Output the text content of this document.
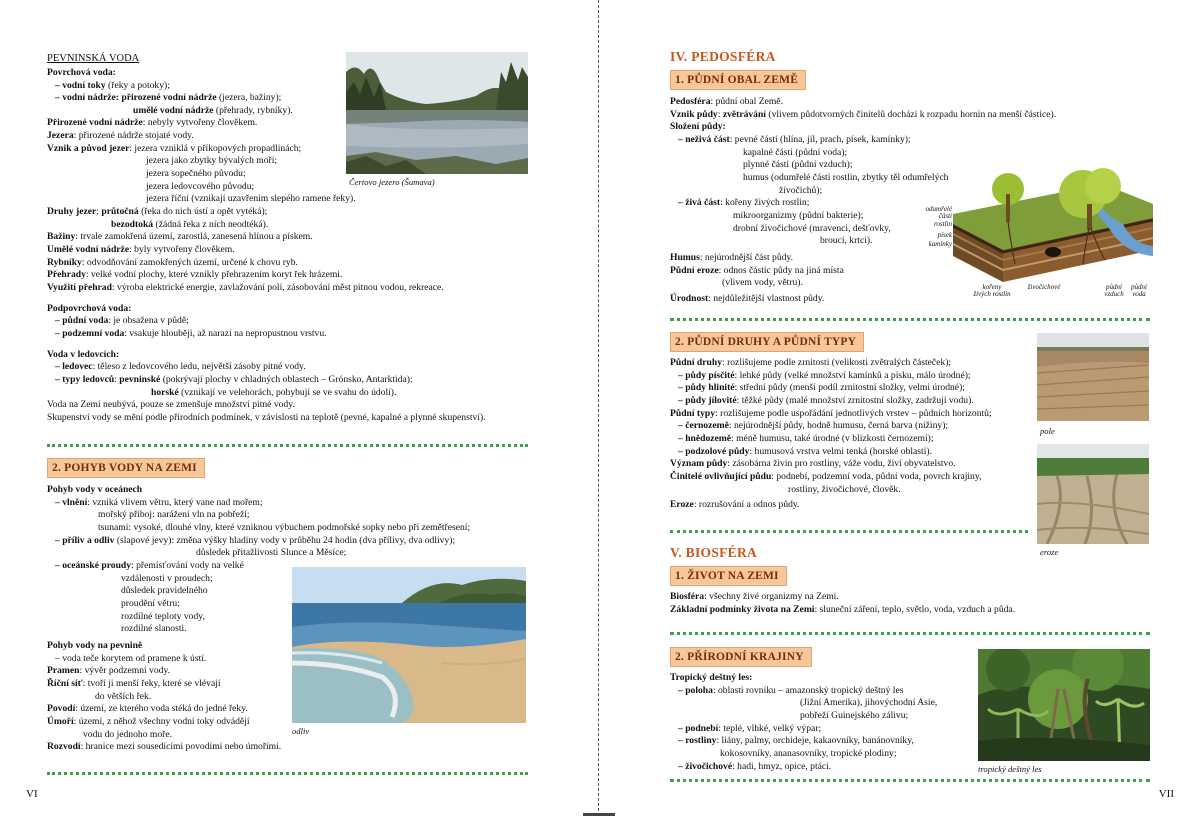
PEVNINSKÁ VODA
Povrchová voda:
– vodní toky (řeky a potoky);
– vodní nádrže: přirozené vodní nádrže (jezera, bažiny);
umělé vodní nádrže (přehrady, rybníky).
Přirozené vodní nádrže: nebyly vytvořeny člověkem.
Jezera: přirozené nádrže stojaté vody.
Vznik a původ jezer: jezera vzniklá v příkopových propadlinách;
jezera jako zbytky bývalých moří;
jezera sopečného původu;
jezera ledovcového původu;
jezera říční (vznikají uzavřením slepého ramene řeky).
Druhy jezer: průtočná (řeka do nich ústí a opět vytéká);
bezodtoká (žádná řeka z nich neodtéká).
Bažiny: trvale zamokřená území, zarostlá, zanesená hlínou a pískem.
Umělé vodní nádrže: byly vytvořeny člověkem.
Rybníky: odvodňování zamokřených území, určené k chovu ryb.
Přehrady: velké vodní plochy, které vznikly přehrazením koryt řek hrázemi.
Využití přehrad: výroba elektrické energie, zavlažování polí, zásobování měst pitnou vodou, rekreace.
Podpovrchová voda:
– půdní voda: je obsažena v půdě;
– podzemní voda: vsakuje hlouběji, až narazí na nepropustnou vrstvu.
Voda v ledovcích:
– ledovec: těleso z ledovcového ledu, největší zásoby pitné vody.
– typy ledovců: pevninské (pokrývají plochy v chladných oblastech – Grónsko, Antarktida);
horské (vznikají ve velehorách, pohybují se ve svahu do údolí).
Voda na Zemi neubývá, pouze se zmenšuje množství pitné vody.
Skupenství vody se mění podle přírodních podmínek, v závislosti na teplotě (pevné, kapalné a plynné skupenství).
Čertovo jezero (Šumava)
2. POHYB VODY NA ZEMI
Pohyb vody v oceánech
– vlnění: vzniká vlivem větru, který vane nad mořem;
mořský příboj: narážení vln na pobřeží;
tsunami: vysoké, dlouhé vlny, které vzniknou výbuchem podmořské sopky nebo při zemětřesení;
– příliv a odliv (slapové jevy): změna výšky hladiny vody v průběhu 24 hodin (dva přílivy, dva odlivy);
důsledek přitažlivosti Slunce a Měsíce;
– oceánské proudy: přemísťování vody na velké
vzdálenosti v proudech;
důsledek pravidelného
proudění větru;
rozdílné teploty vody,
rozdílné slanosti.
Pohyb vody na pevnině
– voda teče korytem od pramene k ústí.
Pramen: vývěr podzemní vody.
Říční síť: tvoří ji menší řeky, které se vlévají
do větších řek.
Povodí: území, ze kterého voda stéká do jedné řeky.
Úmoří: území, z něhož všechny vodní toky odvádějí
vodu do jednoho moře.
Rozvodí: hranice mezi sousedícími povodími nebo úmořími.
odliv
VI
IV. PEDOSFÉRA
1. PŮDNÍ OBAL ZEMĚ
Pedosféra: půdní obal Země.
Vznik půdy: zvětrávání (vlivem půdotvorných činitelů dochází k rozpadu hornin na menší částice).
Složení půdy:
– neživá část: pevné části (hlína, jíl, prach, písek, kamínky);
kapalné části (půdní voda);
plynné části (půdní vzduch);
humus (odumřelé části rostlin, zbytky těl odumřelých
živočichů);
– živá část: kořeny živých rostlin;
mikroorganizmy (půdní bakterie);
drobní živočichové (mravenci, dešťovky,
brouci, krtci).
Humus: nejúrodnější část půdy.
Půdní eroze: odnos částic půdy na jiná místa
(vlivem vody, větru).
Úrodnost: nejdůležitější vlastnost půdy.
odumřelé
části
rostlin
písek
kamínky
kořeny
živých rostlin
živočichové	půdní
vzduch
půdní
voda
2. PŮDNÍ DRUHY A PŮDNÍ TYPY
Půdní druhy: rozlišujeme podle zrnitosti (velikosti zvětralých částeček);
– půdy písčité: lehké půdy (velké množství kamínků a písku, málo úrodné);
– půdy hlinité: střední půdy (menší podíl zrnitostní složky, velmi úrodné);
– půdy jílovité: těžké půdy (malé množství zrnitostní složky, zadržují vodu).
Půdní typy: rozlišujeme podle uspořádání jednotlivých vrstev – půdních horizontů;
– černozemě: nejúrodnější půdy, hodně humusu, černá barva (nížiny);
– hnědozemě: méně humusu, také úrodné (v blízkosti černozemí);
– podzolové půdy: humusová vrstva velmi tenká (horské oblasti).
Význam půdy: zásobárna živin pro rostliny, váže vodu, živí obyvatelstvo.
Činitelé ovlivňující půdu: podnebí, podzemní voda, půdní voda, povrch krajiny,
rostliny, živočichové, člověk.
Eroze: rozrušování a odnos půdy.
pole
eroze
V. BIOSFÉRA
1. ŽIVOT NA ZEMI
Biosféra: všechny živé organizmy na Zemi.
Základní podmínky života na Zemi: sluneční záření, teplo, světlo, voda, vzduch a půda.
2. PŘÍRODNÍ KRAJINY
Tropický deštný les:
– poloha: oblasti rovníku – amazonský tropický deštný les
(Jižní Amerika), jihovýchodní Asie,
pobřeží Guinejského zálivu;
– podnebí: teplé, vlhké, velký výpar;
– rostliny: liány, palmy, orchideje, kakaovníky, banánovníky,
kokosovníky, ananasovníky, tropické plodiny;
– živočichové: hadi, hmyz, opice, ptáci.	tropický deštný les
VII
